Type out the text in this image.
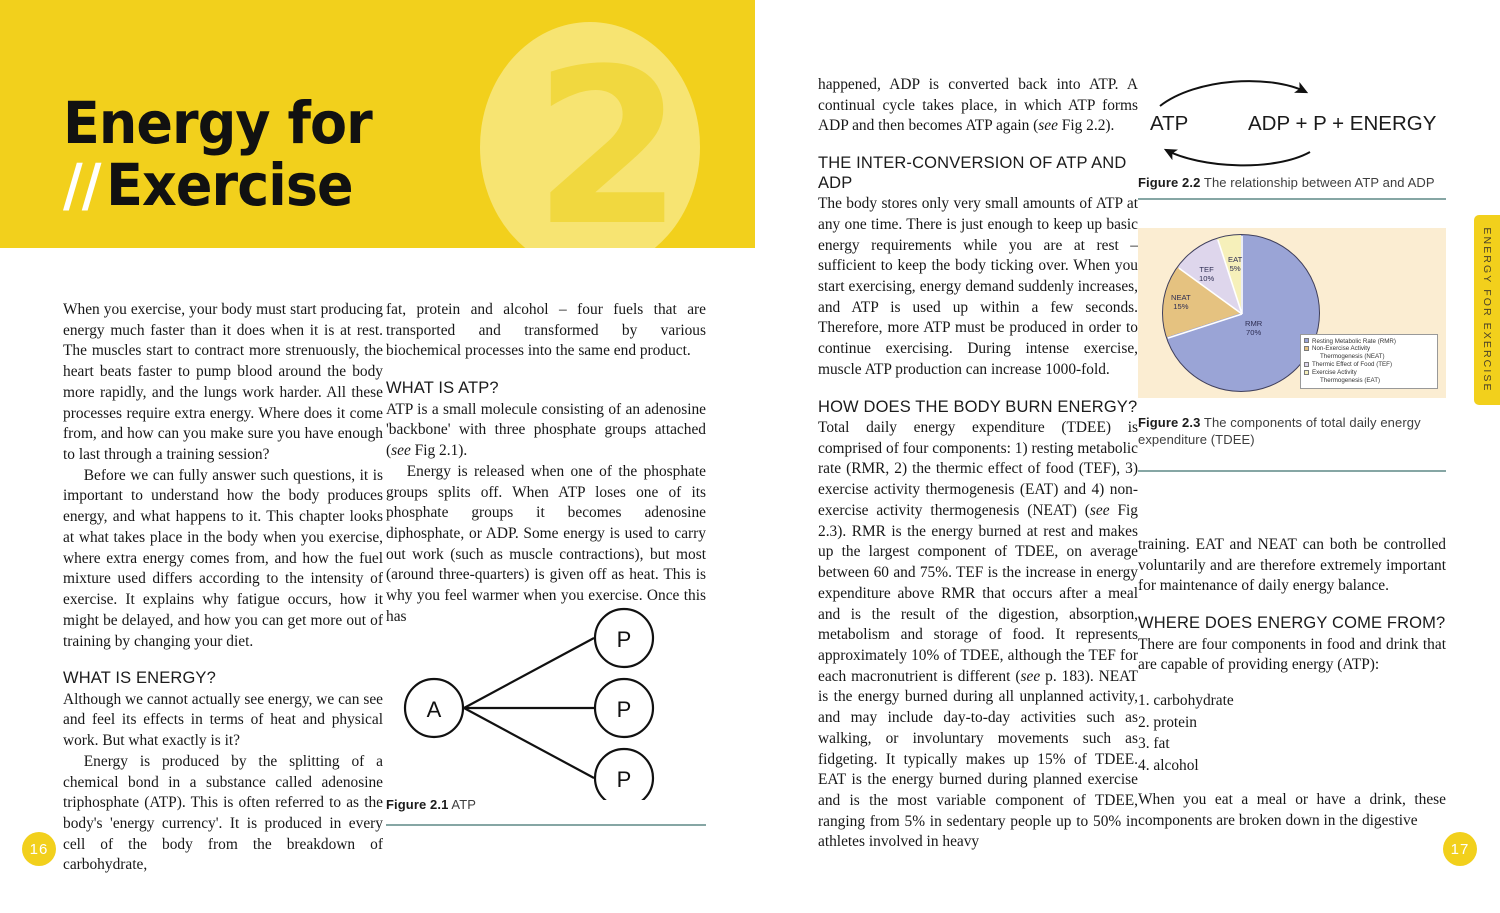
2
Energy for
//Exercise
ENERGY FOR EXERCISE
16	17

When you exercise, your body must start producing energy much faster than it does when it is at rest. The muscles start to contract more strenuously, the heart beats faster to pump blood around the body more rapidly, and the lungs work harder. All these processes require extra energy. Where does it come from, and how can you make sure you have enough to last through a training session?

Before we can fully answer such questions, it is important to understand how the body produces energy, and what happens to it. This chapter looks at what takes place in the body when you exercise, where extra energy comes from, and how the fuel mixture used differs according to the intensity of exercise. It explains why fatigue occurs, how it might be delayed, and how you can get more out of training by changing your diet.

WHAT IS ENERGY?

Although we cannot actually see energy, we can see and feel its effects in terms of heat and physical work. But what exactly is it?

Energy is produced by the splitting of a chemical bond in a substance called adenosine triphosphate (ATP). This is often referred to as the body's 'energy currency'. It is produced in every cell of the body from the breakdown of carbohydrate,

fat, protein and alcohol – four fuels that are transported and transformed by various biochemical processes into the same end product.

WHAT IS ATP?

ATP is a small molecule consisting of an adenosine 'backbone' with three phosphate groups attached (see Fig 2.1).

Energy is released when one of the phosphate groups splits off. When ATP loses one of its phosphate groups it becomes adenosine diphosphate, or ADP. Some energy is used to carry out work (such as muscle contractions), but most (around three-quarters) is given off as heat. This is why you feel warmer when you exercise. Once this has

A
P
P
P
Figure 2.1 ATP

happened, ADP is converted back into ATP. A continual cycle takes place, in which ATP forms ADP and then becomes ATP again (see Fig 2.2).

THE INTER-CONVERSION OF ATP AND ADP

The body stores only very small amounts of ATP at any one time. There is just enough to keep up basic energy requirements while you are at rest – sufficient to keep the body ticking over. When you start exercising, energy demand suddenly increases, and ATP is used up within a few seconds. Therefore, more ATP must be produced in order to continue exercising. During intense exercise, muscle ATP production can increase 1000-fold.

HOW DOES THE BODY BURN ENERGY?

Total daily energy expenditure (TDEE) is comprised of four components: 1) resting metabolic rate (RMR, 2) the thermic effect of food (TEF), 3) exercise activity thermogenesis (EAT) and 4) non-exercise activity thermogenesis (NEAT) (see Fig 2.3). RMR is the energy burned at rest and makes up the largest component of TDEE, on average between 60 and 75%. TEF is the increase in energy expenditure above RMR that occurs after a meal and is the result of the digestion, absorption, metabolism and storage of food. It represents approximately 10% of TDEE, although the TEF for each macronutrient is different (see p. 183). NEAT is the energy burned during all unplanned activity, and may include day-to-day activities such as walking, or involuntary movements such as fidgeting. It typically makes up 15% of TDEE. EAT is the energy burned during planned exercise and is the most variable component of TDEE, ranging from 5% in sedentary people up to 50% in athletes involved in heavy

ATP	ADP + P + ENERGY
Figure 2.2 The relationship between ATP and ADP
RMR
70%
NEAT
15%
TEF
10%
EAT
5%
Resting Metabolic Rate (RMR)
Non-Exercise Activity
Thermogenesis (NEAT)
Thermic Effect of Food (TEF)
Exercise Activity
Thermogenesis (EAT)
Figure 2.3 The components of total daily energy expenditure (TDEE)

training. EAT and NEAT can both be controlled voluntarily and are therefore extremely important for maintenance of daily energy balance.

WHERE DOES ENERGY COME FROM?

There are four components in food and drink that are capable of providing energy (ATP):

1. carbohydrate
2. protein
3. fat
4. alcohol

When you eat a meal or have a drink, these components are broken down in the digestive
